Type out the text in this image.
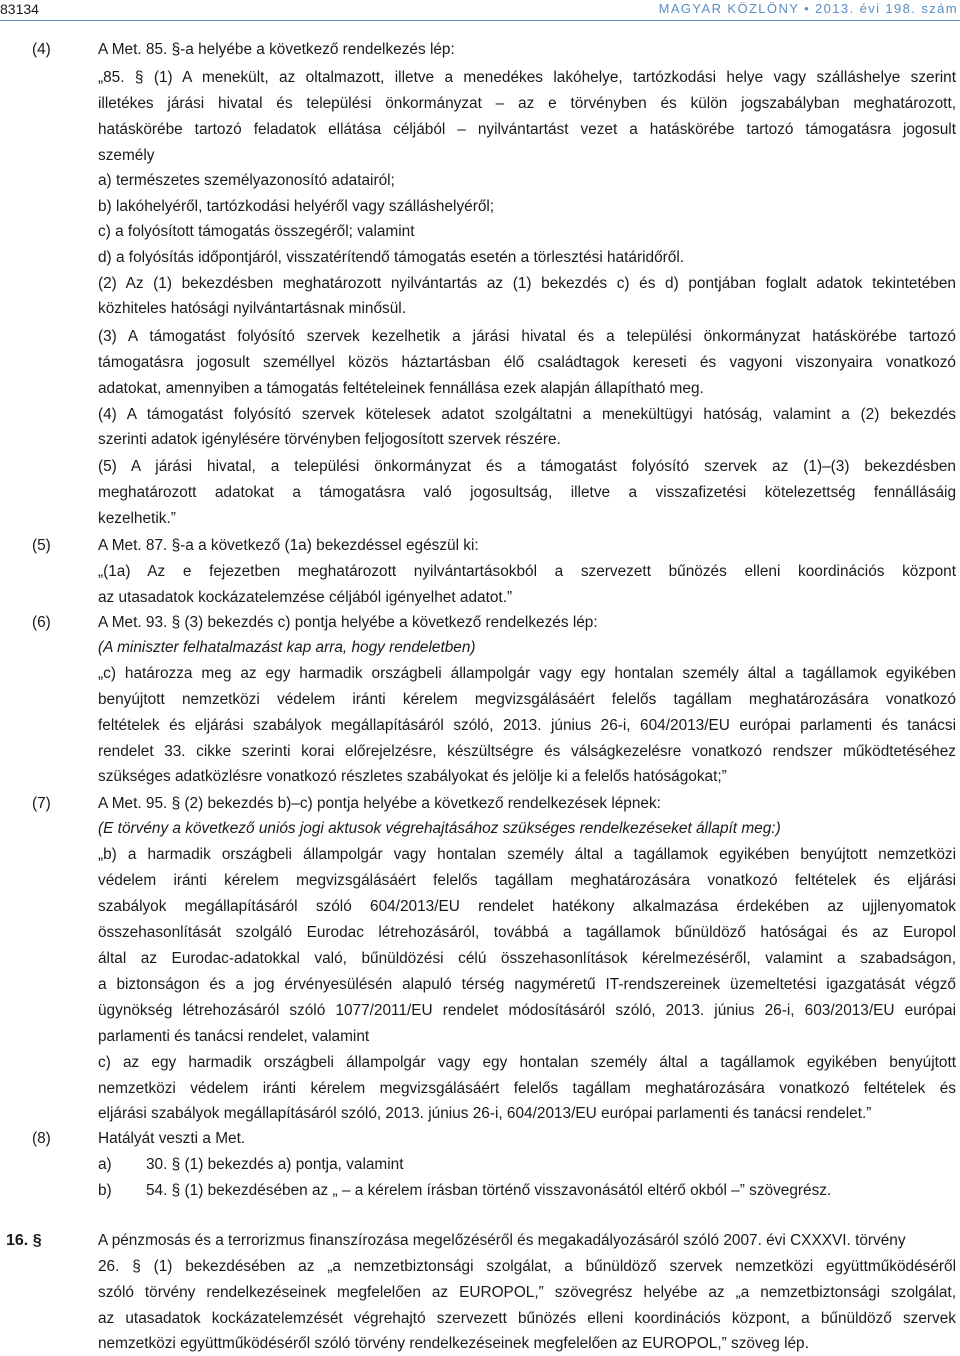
83134	MAGYAR KÖZLÖNY • 2013. évi 198. szám
(4)	A Met. 85. §-a helyébe a következő rendelkezés lép:
„85. § (1) A menekült, az oltalmazott, illetve a menedékes lakóhelye, tartózkodási helye vagy szálláshelye szerint
illetékes járási hivatal és települési önkormányzat – az e törvényben és külön jogszabályban meghatározott,
hatáskörébe tartozó feladatok ellátása céljából – nyilvántartást vezet a hatáskörébe tartozó támogatásra jogosult
személy
a) természetes személyazonosító adatairól;
b) lakóhelyéről, tartózkodási helyéről vagy szálláshelyéről;
c) a folyósított támogatás összegéről; valamint
d) a folyósítás időpontjáról, visszatérítendő támogatás esetén a törlesztési határidőről.
(2) Az (1) bekezdésben meghatározott nyilvántartás az (1) bekezdés c) és d) pontjában foglalt adatok tekintetében
közhiteles hatósági nyilvántartásnak minősül.
(3) A támogatást folyósító szervek kezelhetik a járási hivatal és a települési önkormányzat hatáskörébe tartozó
támogatásra jogosult személlyel közös háztartásban élő családtagok kereseti és vagyoni viszonyaira vonatkozó
adatokat, amennyiben a támogatás feltételeinek fennállása ezek alapján állapítható meg.
(4) A támogatást folyósító szervek kötelesek adatot szolgáltatni a menekültügyi hatóság, valamint a (2) bekezdés
szerinti adatok igénylésére törvényben feljogosított szervek részére.
(5) A járási hivatal, a települési önkormányzat és a támogatást folyósító szervek az (1)–(3) bekezdésben
meghatározott adatokat a támogatásra való jogosultság, illetve a visszafizetési kötelezettség fennállásáig
kezelhetik.”
(5)	A Met. 87. §-a a következő (1a) bekezdéssel egészül ki:
„(1a) Az e fejezetben meghatározott nyilvántartásokból a szervezett bűnözés elleni koordinációs központ
az utasadatok kockázatelemzése céljából igényelhet adatot.”
(6)	A Met. 93. § (3) bekezdés c) pontja helyébe a következő rendelkezés lép:
(A miniszter felhatalmazást kap arra, hogy rendeletben)
„c) határozza meg az egy harmadik országbeli állampolgár vagy egy hontalan személy által a tagállamok egyikében
benyújtott nemzetközi védelem iránti kérelem megvizsgálásáért felelős tagállam meghatározására vonatkozó
feltételek és eljárási szabályok megállapításáról szóló, 2013. június 26-i, 604/2013/EU európai parlamenti és tanácsi
rendelet 33. cikke szerinti korai előrejelzésre, készültségre és válságkezelésre vonatkozó rendszer működtetéséhez
szükséges adatközlésre vonatkozó részletes szabályokat és jelölje ki a felelős hatóságokat;”
(7)	A Met. 95. § (2) bekezdés b)–c) pontja helyébe a következő rendelkezések lépnek:
(E törvény a következő uniós jogi aktusok végrehajtásához szükséges rendelkezéseket állapít meg:)
„b) a harmadik országbeli állampolgár vagy hontalan személy által a tagállamok egyikében benyújtott nemzetközi
védelem iránti kérelem megvizsgálásáért felelős tagállam meghatározására vonatkozó feltételek és eljárási
szabályok megállapításáról szóló 604/2013/EU rendelet hatékony alkalmazása érdekében az ujjlenyomatok
összehasonlítását szolgáló Eurodac létrehozásáról, továbbá a tagállamok bűnüldöző hatóságai és az Europol
által az Eurodac-adatokkal való, bűnüldözési célú összehasonlítások kérelmezéséről, valamint a szabadságon,
a biztonságon és a jog érvényesülésén alapuló térség nagyméretű IT-rendszereinek üzemeltetési igazgatását végző
ügynökség létrehozásáról szóló 1077/2011/EU rendelet módosításáról szóló, 2013. június 26-i, 603/2013/EU európai
parlamenti és tanácsi rendelet, valamint
c) az egy harmadik országbeli állampolgár vagy egy hontalan személy által a tagállamok egyikében benyújtott
nemzetközi védelem iránti kérelem megvizsgálásáért felelős tagállam meghatározására vonatkozó feltételek és
eljárási szabályok megállapításáról szóló, 2013. június 26-i, 604/2013/EU európai parlamenti és tanácsi rendelet.”
(8)	Hatályát veszti a Met.
a) 30. § (1) bekezdés a) pontja, valamint
b) 54. § (1) bekezdésében az „ – a kérelem írásban történő visszavonásától eltérő okból –” szövegrész.
16. §	A pénzmosás és a terrorizmus finanszírozása megelőzéséről és megakadályozásáról szóló 2007. évi CXXXVI. törvény
26. § (1) bekezdésében az „a nemzetbiztonsági szolgálat, a bűnüldöző szervek nemzetközi együttműködéséről
szóló törvény rendelkezéseinek megfelelően az EUROPOL,” szövegrész helyébe az „a nemzetbiztonsági szolgálat,
az utasadatok kockázatelemzését végrehajtó szervezett bűnözés elleni koordinációs központ, a bűnüldöző szervek
nemzetközi együttműködéséről szóló törvény rendelkezéseinek megfelelően az EUROPOL,” szöveg lép.
